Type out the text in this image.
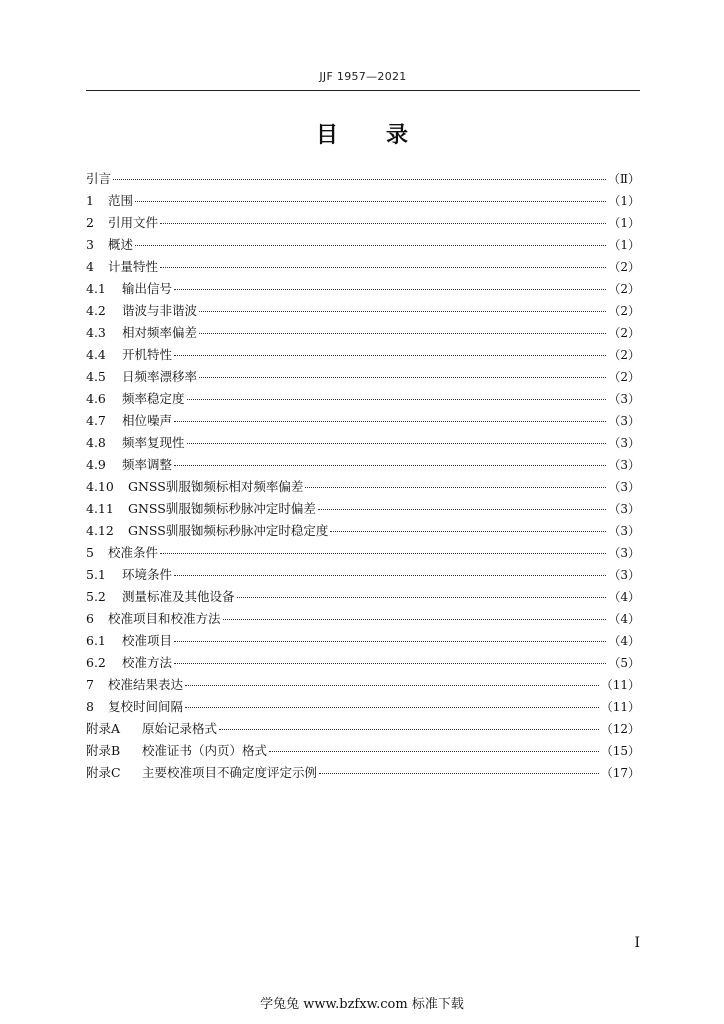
JJF 1957—2021
目 录
引言	（Ⅱ）
1	范围	（1）
2	引用文件	（1）
3	概述	（1）
4	计量特性	（2）
4.1	输出信号	（2）
4.2	谐波与非谐波	（2）
4.3	相对频率偏差	（2）
4.4	开机特性	（2）
4.5	日频率漂移率	（2）
4.6	频率稳定度	（3）
4.7	相位噪声	（3）
4.8	频率复现性	（3）
4.9	频率调整	（3）
4.10	GNSS驯服铷频标相对频率偏差	（3）
4.11	GNSS驯服铷频标秒脉冲定时偏差	（3）
4.12	GNSS驯服铷频标秒脉冲定时稳定度	（3）
5	校准条件	（3）
5.1	环境条件	（3）
5.2	测量标准及其他设备	（4）
6	校准项目和校准方法	（4）
6.1	校准项目	（4）
6.2	校准方法	（5）
7	校准结果表达	（11）
8	复校时间间隔	（11）
附录A	原始记录格式	（12）
附录B	校准证书（内页）格式	（15）
附录C	主要校准项目不确定度评定示例	（17）
I
学兔兔 www.bzfxw.com 标准下载
